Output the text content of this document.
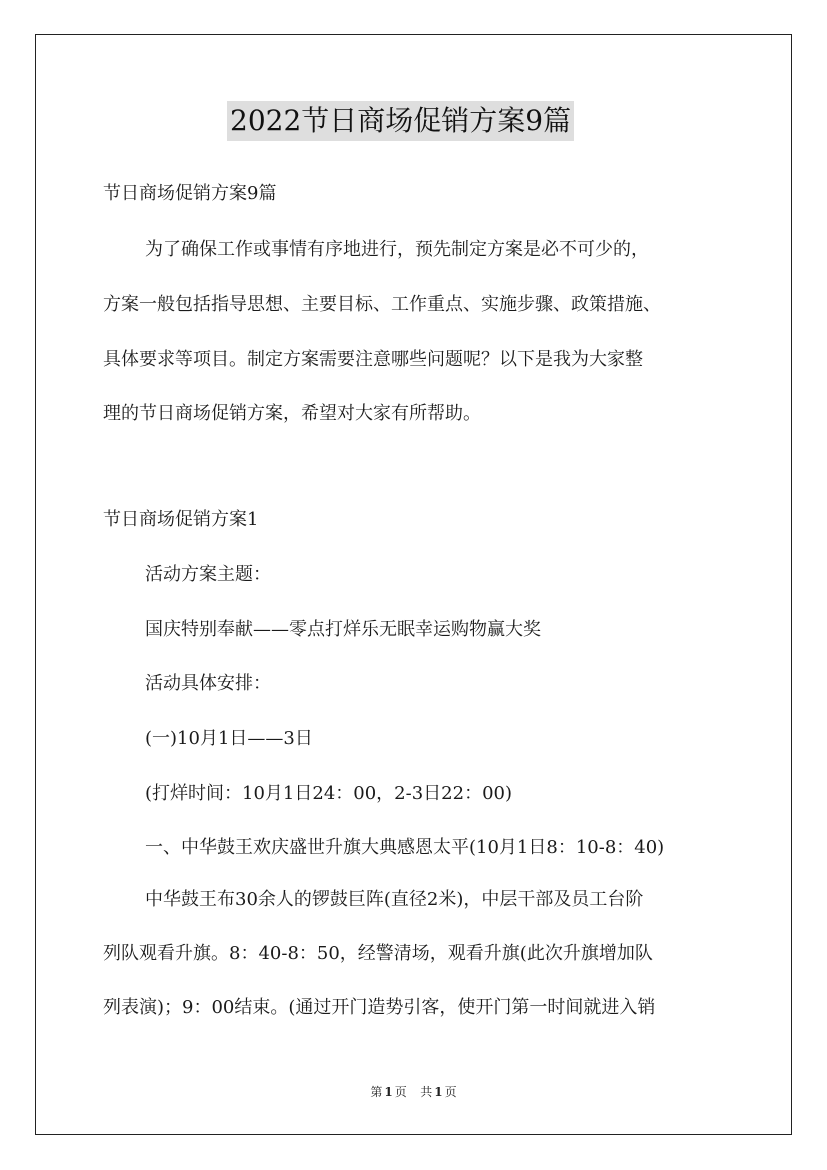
2022节日商场促销方案9篇
节日商场促销方案9篇
为了确保工作或事情有序地进行，预先制定方案是必不可少的，
方案一般包括指导思想、主要目标、工作重点、实施步骤、政策措施、
具体要求等项目。制定方案需要注意哪些问题呢？以下是我为大家整
理的节日商场促销方案，希望对大家有所帮助。
节日商场促销方案1
活动方案主题：
国庆特别奉献——零点打烊乐无眠幸运购物赢大奖
活动具体安排：
(一)10月1日——3日
(打烊时间：10月1日24：00，2-3日22：00)
一、中华鼓王欢庆盛世升旗大典感恩太平(10月1日8：10-8：40)
中华鼓王布30余人的锣鼓巨阵(直径2米)，中层干部及员工台阶
列队观看升旗。8：40-8：50，经警清场，观看升旗(此次升旗增加队
列表演)；9：00结束。(通过开门造势引客，使开门第一时间就进入销
第 1 页 共 1 页
